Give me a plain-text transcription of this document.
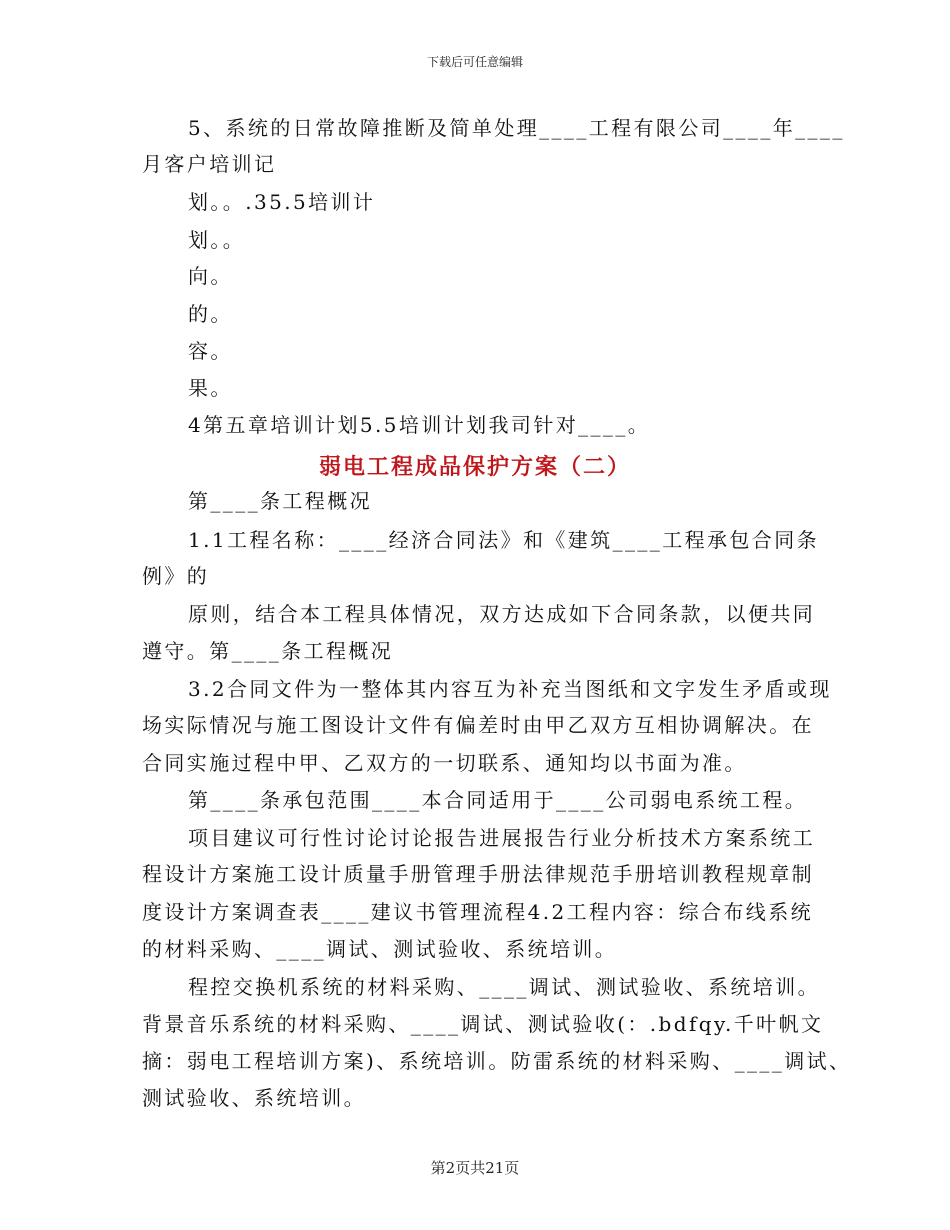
下载后可任意编辑
5、系统的日常故障推断及简单处理____工程有限公司____年____
月客户培训记
划。。.35.5培训计
划。。
向。
的。
容。
果。
4第五章培训计划5.5培训计划我司针对____。
弱电工程成品保护方案（二）
第____条工程概况
1.1工程名称：____经济合同法》和《建筑____工程承包合同条
例》的
原则，结合本工程具体情况，双方达成如下合同条款，以便共同
遵守。第____条工程概况
3.2合同文件为一整体其内容互为补充当图纸和文字发生矛盾或现
场实际情况与施工图设计文件有偏差时由甲乙双方互相协调解决。在
合同实施过程中甲、乙双方的一切联系、通知均以书面为准。
第____条承包范围____本合同适用于____公司弱电系统工程。
项目建议可行性讨论讨论报告进展报告行业分析技术方案系统工
程设计方案施工设计质量手册管理手册法律规范手册培训教程规章制
度设计方案调查表____建议书管理流程4.2工程内容：综合布线系统
的材料采购、____调试、测试验收、系统培训。
程控交换机系统的材料采购、____调试、测试验收、系统培训。
背景音乐系统的材料采购、____调试、测试验收(：.bdfqy.千叶帆文
摘：弱电工程培训方案)、系统培训。防雷系统的材料采购、____调试、
测试验收、系统培训。
第2页共21页
